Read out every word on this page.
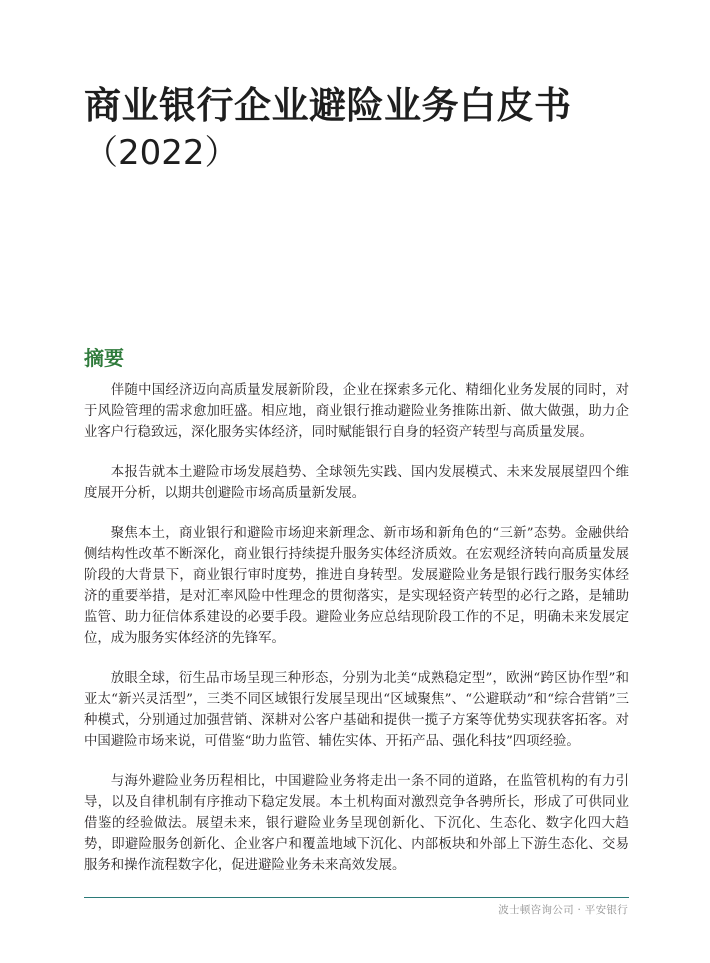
商业银行企业避险业务白皮书
（2022）
摘要

伴随中国经济迈向高质量发展新阶段，企业在探索多元化、精细化业务发展的同时，对于风险管理的需求愈加旺盛。相应地，商业银行推动避险业务推陈出新、做大做强，助力企业客户行稳致远，深化服务实体经济，同时赋能银行自身的轻资产转型与高质量发展。

本报告就本土避险市场发展趋势、全球领先实践、国内发展模式、未来发展展望四个维度展开分析，以期共创避险市场高质量新发展。

聚焦本土，商业银行和避险市场迎来新理念、新市场和新角色的“三新”态势。金融供给侧结构性改革不断深化，商业银行持续提升服务实体经济质效。在宏观经济转向高质量发展阶段的大背景下，商业银行审时度势，推进自身转型。发展避险业务是银行践行服务实体经济的重要举措，是对汇率风险中性理念的贯彻落实，是实现轻资产转型的必行之路，是辅助监管、助力征信体系建设的必要手段。避险业务应总结现阶段工作的不足，明确未来发展定位，成为服务实体经济的先锋军。

放眼全球，衍生品市场呈现三种形态，分别为北美“成熟稳定型”，欧洲“跨区协作型”和亚太“新兴灵活型”，三类不同区域银行发展呈现出“区域聚焦”、“公避联动”和“综合营销”三种模式，分别通过加强营销、深耕对公客户基础和提供一揽子方案等优势实现获客拓客。对中国避险市场来说，可借鉴“助力监管、辅佐实体、开拓产品、强化科技”四项经验。

与海外避险业务历程相比，中国避险业务将走出一条不同的道路，在监管机构的有力引导，以及自律机制有序推动下稳定发展。本土机构面对激烈竞争各骋所长，形成了可供同业借鉴的经验做法。展望未来，银行避险业务呈现创新化、下沉化、生态化、数字化四大趋势，即避险服务创新化、企业客户和覆盖地域下沉化、内部板块和外部上下游生态化、交易服务和操作流程数字化，促进避险业务未来高效发展。

波士顿咨询公司 · 平安银行
